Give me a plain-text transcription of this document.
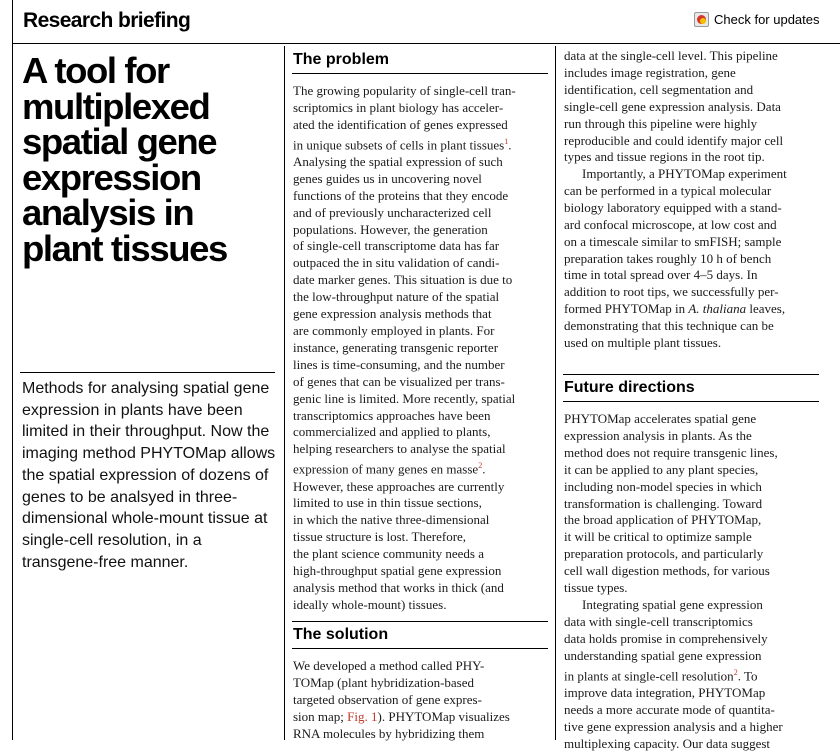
Research briefing	Check for updates
A tool for multiplexed spatial gene expression analysis in plant tissues

Methods for analysing spatial gene expression in plants have been limited in their throughput. Now the imaging method PHYTOMap allows the spatial expression of dozens of genes to be analsyed in three-dimensional whole-mount tissue at single-cell resolution, in a transgene-free manner.

The problem

The growing popularity of single-cell tran-
scriptomics in plant biology has acceler-
ated the identification of genes expressed
in unique subsets of cells in plant tissues$^1$.
Analysing the spatial expression of such
genes guides us in uncovering novel
functions of the proteins that they encode
and of previously uncharacterized cell
populations. However, the generation
of single-cell transcriptome data has far
outpaced the in situ validation of candi-
date marker genes. This situation is due to
the low-throughput nature of the spatial
gene expression analysis methods that
are commonly employed in plants. For
instance, generating transgenic reporter
lines is time-consuming, and the number
of genes that can be visualized per trans-
genic line is limited. More recently, spatial
transcriptomics approaches have been
commercialized and applied to plants,
helping researchers to analyse the spatial
expression of many genes en masse$^2$.
However, these approaches are currently
limited to use in thin tissue sections,
in which the native three-dimensional
tissue structure is lost. Therefore,
the plant science community needs a
high-throughput spatial gene expression
analysis method that works in thick (and
ideally whole-mount) tissues.

The solution

We developed a method called PHY-
TOMap (plant hybridization-based
targeted observation of gene expres-
sion map; Fig. 1). PHYTOMap visualizes
RNA molecules by hybridizing them

data at the single-cell level. This pipeline
includes image registration, gene
identification, cell segmentation and
single-cell gene expression analysis. Data
run through this pipeline were highly
reproducible and could identify major cell
types and tissue regions in the root tip.

Importantly, a PHYTOMap experiment
can be performed in a typical molecular
biology laboratory equipped with a stand-
ard confocal microscope, at low cost and
on a timescale similar to smFISH; sample
preparation takes roughly 10 h of bench
time in total spread over 4–5 days. In
addition to root tips, we successfully per-
formed PHYTOMap in A. thaliana leaves,
demonstrating that this technique can be
used on multiple plant tissues.

Future directions

PHYTOMap accelerates spatial gene
expression analysis in plants. As the
method does not require transgenic lines,
it can be applied to any plant species,
including non-model species in which
transformation is challenging. Toward
the broad application of PHYTOMap,
it will be critical to optimize sample
preparation protocols, and particularly
cell wall digestion methods, for various
tissue types.

Integrating spatial gene expression
data with single-cell transcriptomics
data holds promise in comprehensively
understanding spatial gene expression
in plants at single-cell resolution$^2$. To
improve data integration, PHYTOMap
needs a more accurate mode of quantita-
tive gene expression analysis and a higher
multiplexing capacity. Our data suggest
